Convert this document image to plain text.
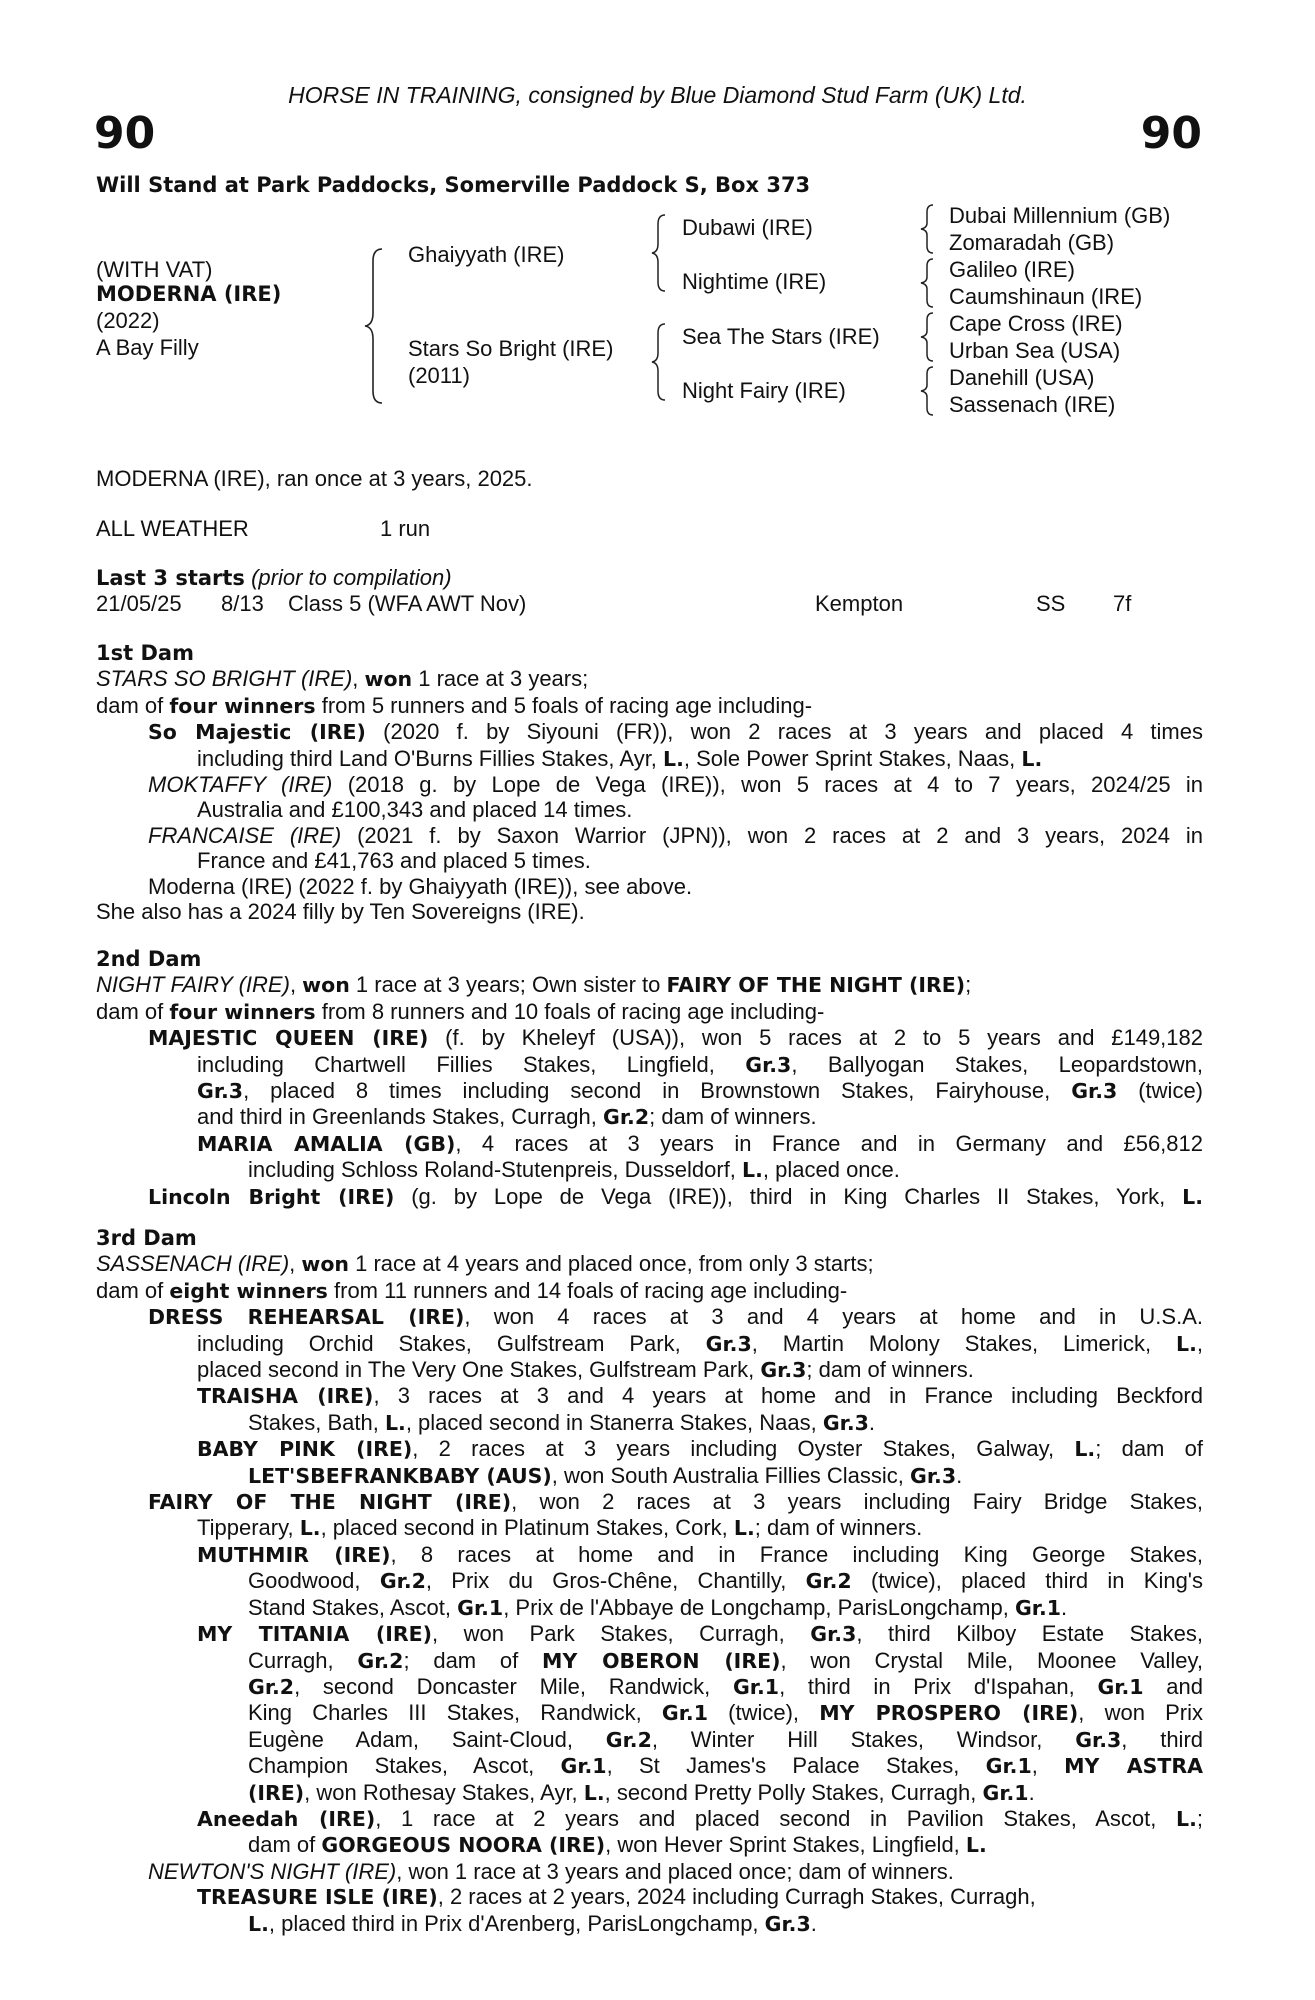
HORSE IN TRAINING, consigned by Blue Diamond Stud Farm (UK) Ltd.
90	90
Will Stand at Park Paddocks, Somerville Paddock S, Box 373
(WITH VAT)
MODERNA (IRE)
(2022)
A Bay Filly
Ghaiyyath (IRE)
Stars So Bright (IRE)
(2011)
Dubawi (IRE)
Nightime (IRE)
Sea The Stars (IRE)
Night Fairy (IRE)
Dubai Millennium (GB)
Zomaradah (GB)
Galileo (IRE)
Caumshinaun (IRE)
Cape Cross (IRE)
Urban Sea (USA)
Danehill (USA)
Sassenach (IRE)
MODERNA (IRE), ran once at 3 years, 2025.
ALL WEATHER	1 run
Last 3 starts (prior to compilation)
21/05/25 8/13 Class 5 (WFA AWT Nov)	Kempton	SS 7f
1st Dam
STARS SO BRIGHT (IRE), won 1 race at 3 years;
dam of four winners from 5 runners and 5 foals of racing age including-
So Majestic (IRE) (2020 f. by Siyouni (FR)), won 2 races at 3 years and placed 4 times
including third Land O'Burns Fillies Stakes, Ayr, L., Sole Power Sprint Stakes, Naas, L.
MOKTAFFY (IRE) (2018 g. by Lope de Vega (IRE)), won 5 races at 4 to 7 years, 2024/25 in
Australia and £100,343 and placed 14 times.
FRANCAISE (IRE) (2021 f. by Saxon Warrior (JPN)), won 2 races at 2 and 3 years, 2024 in
France and £41,763 and placed 5 times.
Moderna (IRE) (2022 f. by Ghaiyyath (IRE)), see above.
She also has a 2024 filly by Ten Sovereigns (IRE).
2nd Dam
NIGHT FAIRY (IRE), won 1 race at 3 years; Own sister to FAIRY OF THE NIGHT (IRE);
dam of four winners from 8 runners and 10 foals of racing age including-
MAJESTIC QUEEN (IRE) (f. by Kheleyf (USA)), won 5 races at 2 to 5 years and £149,182
including Chartwell Fillies Stakes, Lingfield, Gr.3, Ballyogan Stakes, Leopardstown,
Gr.3, placed 8 times including second in Brownstown Stakes, Fairyhouse, Gr.3 (twice)
and third in Greenlands Stakes, Curragh, Gr.2; dam of winners.
MARIA AMALIA (GB), 4 races at 3 years in France and in Germany and £56,812
including Schloss Roland-Stutenpreis, Dusseldorf, L., placed once.
Lincoln Bright (IRE) (g. by Lope de Vega (IRE)), third in King Charles II Stakes, York, L.
3rd Dam
SASSENACH (IRE), won 1 race at 4 years and placed once, from only 3 starts;
dam of eight winners from 11 runners and 14 foals of racing age including-
DRESS REHEARSAL (IRE), won 4 races at 3 and 4 years at home and in U.S.A.
including Orchid Stakes, Gulfstream Park, Gr.3, Martin Molony Stakes, Limerick, L.,
placed second in The Very One Stakes, Gulfstream Park, Gr.3; dam of winners.
TRAISHA (IRE), 3 races at 3 and 4 years at home and in France including Beckford
Stakes, Bath, L., placed second in Stanerra Stakes, Naas, Gr.3.
BABY PINK (IRE), 2 races at 3 years including Oyster Stakes, Galway, L.; dam of
LET'SBEFRANKBABY (AUS), won South Australia Fillies Classic, Gr.3.
FAIRY OF THE NIGHT (IRE), won 2 races at 3 years including Fairy Bridge Stakes,
Tipperary, L., placed second in Platinum Stakes, Cork, L.; dam of winners.
MUTHMIR (IRE), 8 races at home and in France including King George Stakes,
Goodwood, Gr.2, Prix du Gros-Chêne, Chantilly, Gr.2 (twice), placed third in King's
Stand Stakes, Ascot, Gr.1, Prix de l'Abbaye de Longchamp, ParisLongchamp, Gr.1.
MY TITANIA (IRE), won Park Stakes, Curragh, Gr.3, third Kilboy Estate Stakes,
Curragh, Gr.2; dam of MY OBERON (IRE), won Crystal Mile, Moonee Valley,
Gr.2, second Doncaster Mile, Randwick, Gr.1, third in Prix d'Ispahan, Gr.1 and
King Charles III Stakes, Randwick, Gr.1 (twice), MY PROSPERO (IRE), won Prix
Eugène Adam, Saint-Cloud, Gr.2, Winter Hill Stakes, Windsor, Gr.3, third
Champion Stakes, Ascot, Gr.1, St James's Palace Stakes, Gr.1, MY ASTRA
(IRE), won Rothesay Stakes, Ayr, L., second Pretty Polly Stakes, Curragh, Gr.1.
Aneedah (IRE), 1 race at 2 years and placed second in Pavilion Stakes, Ascot, L.;
dam of GORGEOUS NOORA (IRE), won Hever Sprint Stakes, Lingfield, L.
NEWTON'S NIGHT (IRE), won 1 race at 3 years and placed once; dam of winners.
TREASURE ISLE (IRE), 2 races at 2 years, 2024 including Curragh Stakes, Curragh,
L., placed third in Prix d'Arenberg, ParisLongchamp, Gr.3.
